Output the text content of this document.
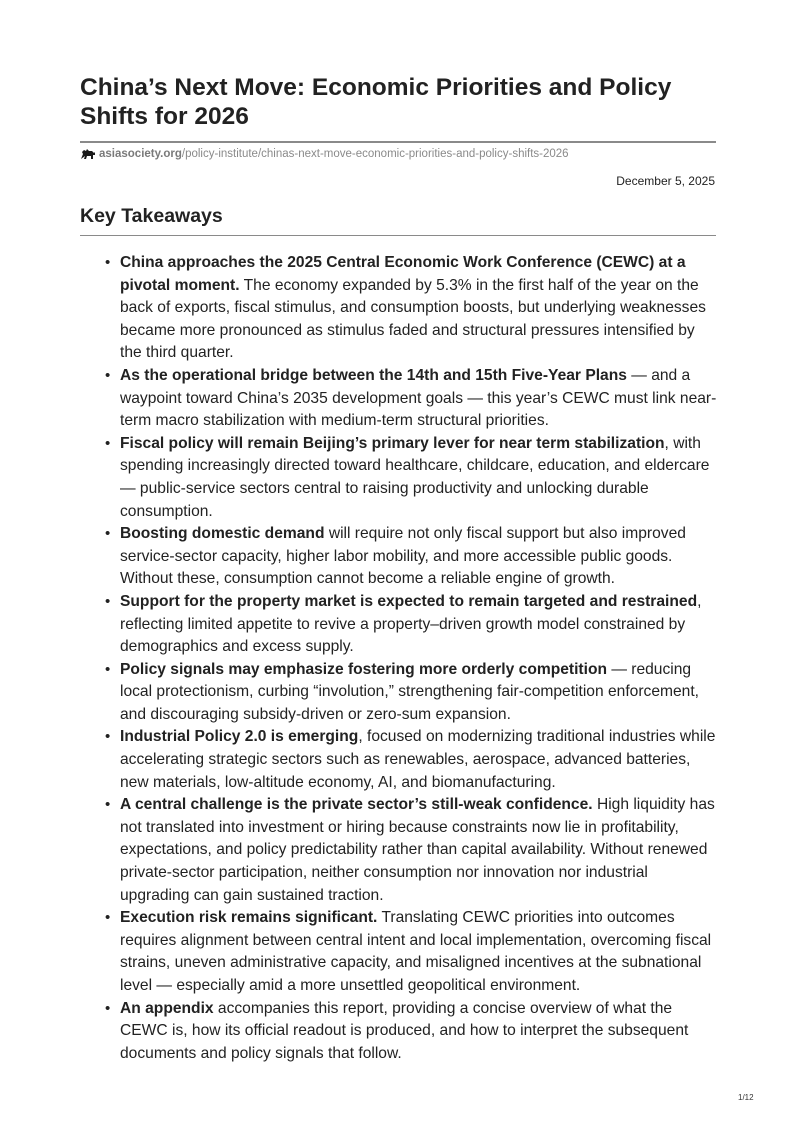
China’s Next Move: Economic Priorities and Policy Shifts for 2026
asiasociety.org /policy-institute/chinas-next-move-economic-priorities-and-policy-shifts-2026
December 5, 2025
Key Takeaways
• China approaches the 2025 Central Economic Work Conference (CEWC) at a pivotal moment. The economy expanded by 5.3% in the first half of the year on the back of exports, fiscal stimulus, and consumption boosts, but underlying weaknesses became more pronounced as stimulus faded and structural pressures intensified by the third quarter.
• As the operational bridge between the 14th and 15th Five-Year Plans — and a waypoint toward China’s 2035 development goals — this year’s CEWC must link near-term macro stabilization with medium-term structural priorities.
• Fiscal policy will remain Beijing’s primary lever for near term stabilization, with spending increasingly directed toward healthcare, childcare, education, and eldercare — public-service sectors central to raising productivity and unlocking durable consumption.
• Boosting domestic demand will require not only fiscal support but also improved service-sector capacity, higher labor mobility, and more accessible public goods. Without these, consumption cannot become a reliable engine of growth.
• Support for the property market is expected to remain targeted and restrained, reflecting limited appetite to revive a property–driven growth model constrained by demographics and excess supply.
• Policy signals may emphasize fostering more orderly competition — reducing local protectionism, curbing “involution,” strengthening fair-competition enforcement, and discouraging subsidy-driven or zero-sum expansion.
• Industrial Policy 2.0 is emerging, focused on modernizing traditional industries while accelerating strategic sectors such as renewables, aerospace, advanced batteries, new materials, low-altitude economy, AI, and biomanufacturing.
• A central challenge is the private sector’s still-weak confidence. High liquidity has not translated into investment or hiring because constraints now lie in profitability, expectations, and policy predictability rather than capital availability. Without renewed private-sector participation, neither consumption nor innovation nor industrial upgrading can gain sustained traction.
• Execution risk remains significant. Translating CEWC priorities into outcomes requires alignment between central intent and local implementation, overcoming fiscal strains, uneven administrative capacity, and misaligned incentives at the subnational level — especially amid a more unsettled geopolitical environment.
• An appendix accompanies this report, providing a concise overview of what the CEWC is, how its official readout is produced, and how to interpret the subsequent documents and policy signals that follow.
1/12
